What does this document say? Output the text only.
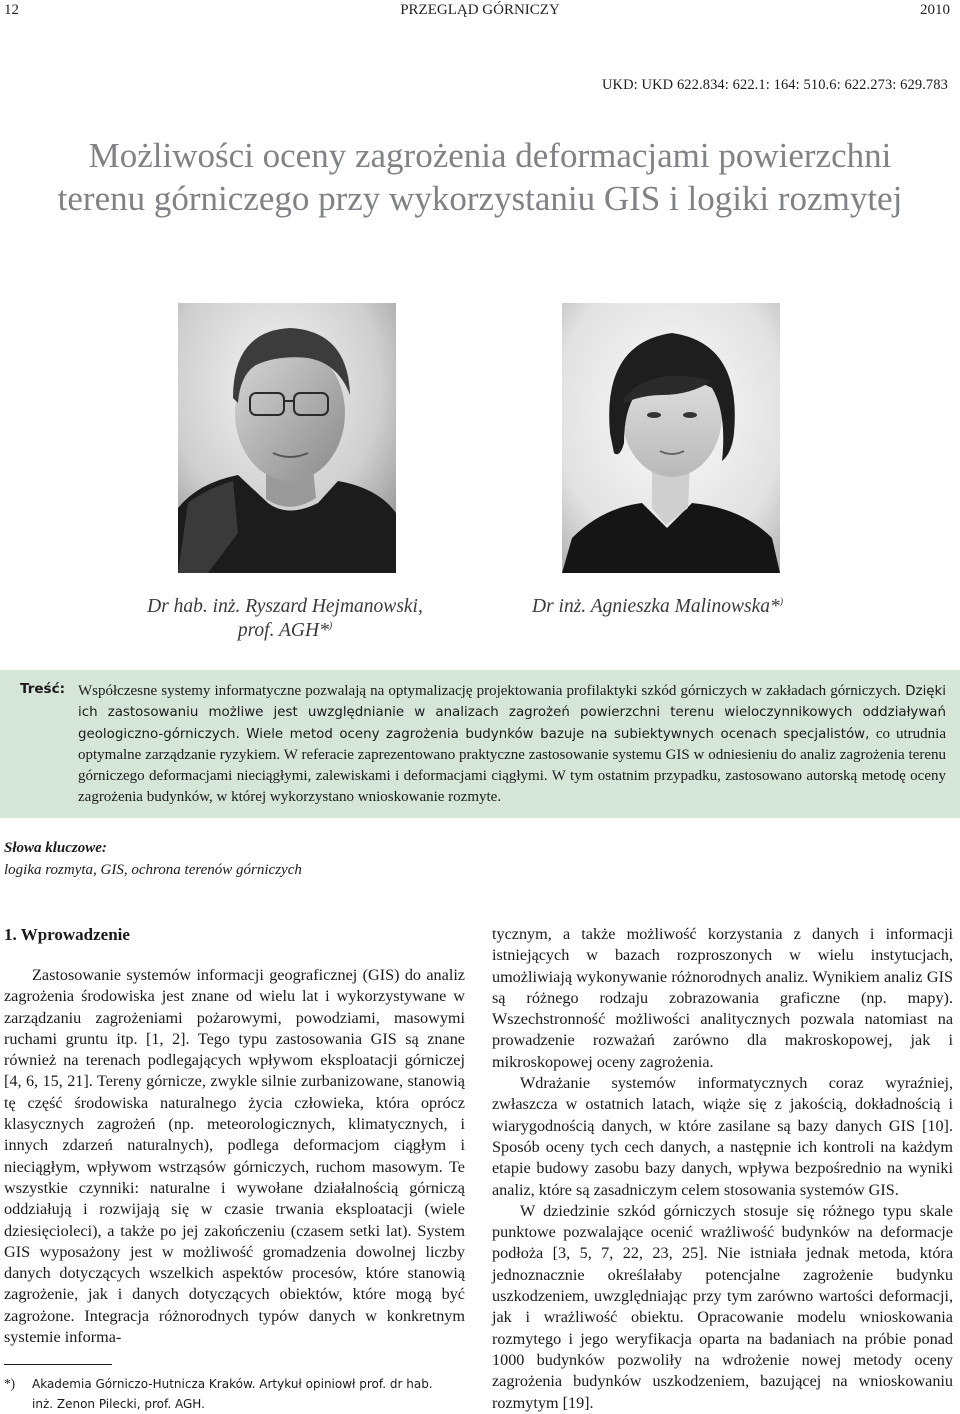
12	PRZEGLĄD GÓRNICZY	2010
UKD: UKD 622.834: 622.1: 164: 510.6: 622.273: 629.783

Możliwości oceny zagrożenia deformacjami powierzchni

terenu górniczego przy wykorzystaniu GIS i logiki rozmytej

Dr hab. inż. Ryszard Hejmanowski,
prof. AGH*)
Dr inż. Agnieszka Malinowska*)
Treść: Współczesne systemy informatyczne pozwalają na optymalizację projektowania profilaktyki szkód górniczych w zakładach górniczych. Dzięki ich zastosowaniu możliwe jest uwzględnianie w analizach zagrożeń powierzchni terenu wieloczynnikowych oddziaływań geologiczno-górniczych. Wiele metod oceny zagrożenia budynków bazuje na subiektywnych ocenach specjalistów, co utrudnia optymalne zarządzanie ryzykiem. W referacie zaprezentowano praktyczne zastosowanie systemu GIS w odniesieniu do analiz zagrożenia terenu górniczego deformacjami nieciągłymi, zalewiskami i deformacjami ciągłymi. W tym ostatnim przypadku, zastosowano autorską metodę oceny zagrożenia budynków, w której wykorzystano wnioskowanie rozmyte.
Słowa kluczowe:
logika rozmyta, GIS, ochrona terenów górniczych
1. Wprowadzenie

Zastosowanie systemów informacji geograficznej (GIS) do analiz zagrożenia środowiska jest znane od wielu lat i wykorzystywane w zarządzaniu zagrożeniami pożarowymi, powodziami, masowymi ruchami gruntu itp. [1, 2]. Tego typu zastosowania GIS są znane również na terenach podlegających wpływom eksploatacji górniczej [4, 6, 15, 21]. Tereny górnicze, zwykle silnie zurbanizowane, stanowią tę część środowiska naturalnego życia człowieka, która oprócz klasycznych zagrożeń (np. meteorologicznych, klimatycznych, i innych zdarzeń naturalnych), podlega deformacjom ciągłym i nieciągłym, wpływom wstrząsów górniczych, ruchom masowym. Te wszystkie czynniki: naturalne i wywołane działalnością górniczą oddziałują i rozwijają się w czasie trwania eksploatacji (wiele dziesięcioleci), a także po jej zakończeniu (czasem setki lat). System GIS wyposażony jest w możliwość gromadzenia dowolnej liczby danych dotyczących wszelkich aspektów procesów, które stanowią zagrożenie, jak i danych dotyczących obiektów, które mogą być zagrożone. Integracja różnorodnych typów danych w konkretnym systemie informa-

tycznym, a także możliwość korzystania z danych i informacji istniejących w bazach rozproszonych w wielu instytucjach, umożliwiają wykonywanie różnorodnych analiz. Wynikiem analiz GIS są różnego rodzaju zobrazowania graficzne (np. mapy). Wszechstronność możliwości analitycznych pozwala natomiast na prowadzenie rozważań zarówno dla makroskopowej, jak i mikroskopowej oceny zagrożenia.

Wdrażanie systemów informatycznych coraz wyraźniej, zwłaszcza w ostatnich latach, wiąże się z jakością, dokładnością i wiarygodnością danych, w które zasilane są bazy danych GIS [10]. Sposób oceny tych cech danych, a następnie ich kontroli na każdym etapie budowy zasobu bazy danych, wpływa bezpośrednio na wyniki analiz, które są zasadniczym celem stosowania systemów GIS.

W dziedzinie szkód górniczych stosuje się różnego typu skale punktowe pozwalające ocenić wrażliwość budynków na deformacje podłoża [3, 5, 7, 22, 23, 25]. Nie istniała jednak metoda, która jednoznacznie określałaby potencjalne zagrożenie budynku uszkodzeniem, uwzględniając przy tym zarówno wartości deformacji, jak i wrażliwość obiektu. Opracowanie modelu wnioskowania rozmytego i jego weryfikacja oparta na badaniach na próbie ponad 1000 budynków pozwoliły na wdrożenie nowej metody oceny zagrożenia budynków uszkodzeniem, bazującej na wnioskowaniu rozmytym [19].

*) Akademia Górniczo-Hutnicza Kraków. Artykuł opiniowł prof. dr hab.
inż. Zenon Pilecki, prof. AGH.
